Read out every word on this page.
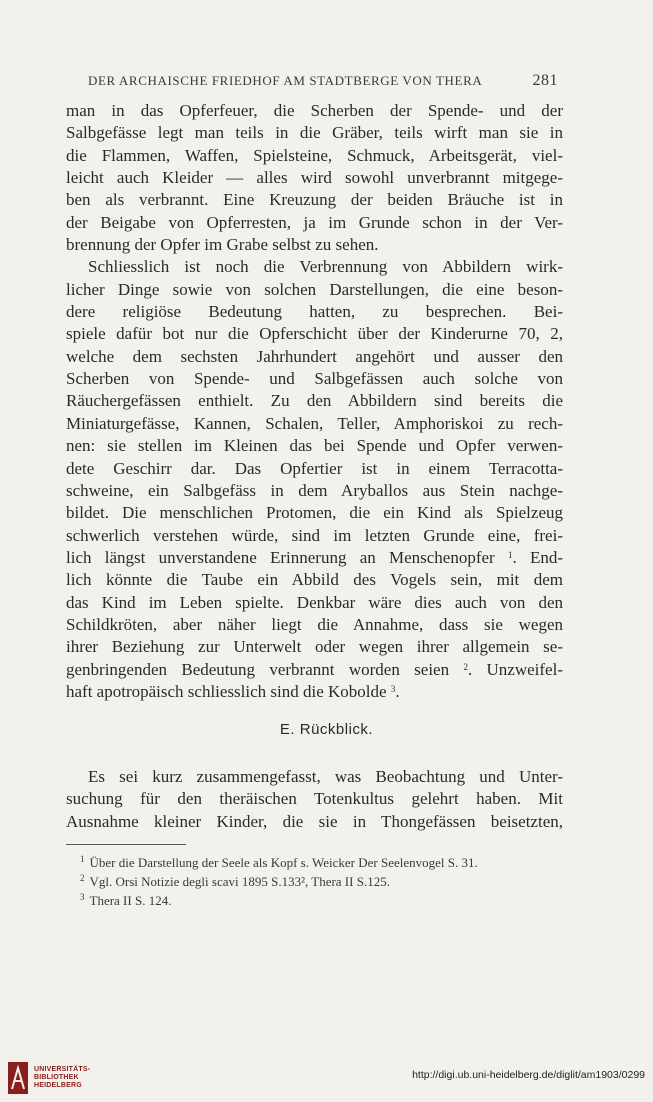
DER ARCHAISCHE FRIEDHOF AM STADTBERGE VON THERA	281
man in das Opferfeuer, die Scherben der Spende- und der
Salbgefässe legt man teils in die Gräber, teils wirft man sie in
die Flammen, Waffen, Spielsteine, Schmuck, Arbeitsgerät, viel-
leicht auch Kleider — alles wird sowohl unverbrannt mitgege-
ben als verbrannt. Eine Kreuzung der beiden Bräuche ist in
der Beigabe von Opferresten, ja im Grunde schon in der Ver-
brennung der Opfer im Grabe selbst zu sehen.
Schliesslich ist noch die Verbrennung von Abbildern wirk-
licher Dinge sowie von solchen Darstellungen, die eine beson-
dere religiöse Bedeutung hatten, zu besprechen. Bei-
spiele dafür bot nur die Opferschicht über der Kinderurne 70, 2,
welche dem sechsten Jahrhundert angehört und ausser den
Scherben von Spende- und Salbgefässen auch solche von
Räuchergefässen enthielt. Zu den Abbildern sind bereits die
Miniaturgefässe, Kannen, Schalen, Teller, Amphoriskoi zu rech-
nen: sie stellen im Kleinen das bei Spende und Opfer verwen-
dete Geschirr dar. Das Opfertier ist in einem Terracotta-
schweine, ein Salbgefäss in dem Aryballos aus Stein nachge-
bildet. Die menschlichen Protomen, die ein Kind als Spielzeug
schwerlich verstehen würde, sind im letzten Grunde eine, frei-
lich längst unverstandene Erinnerung an Menschenopfer $^1$. End-
lich könnte die Taube ein Abbild des Vogels sein, mit dem
das Kind im Leben spielte. Denkbar wäre dies auch von den
Schildkröten, aber näher liegt die Annahme, dass sie wegen
ihrer Beziehung zur Unterwelt oder wegen ihrer allgemein se-
genbringenden Bedeutung verbrannt worden seien $^2$. Unzweifel-
haft apotropäisch schliesslich sind die Kobolde $^3$.
E. Rückblick.
Es sei kurz zusammengefasst, was Beobachtung und Unter-
suchung für den theräischen Totenkultus gelehrt haben. Mit
Ausnahme kleiner Kinder, die sie in Thongefässen beisetzten,
$^1$ Über die Darstellung der Seele als Kopf s. Weicker Der Seelenvogel S. 31.
$^2$ Vgl. Orsi Notizie degli scavi 1895 S.133², Thera II S.125.
$^3$ Thera II S. 124.
UNIVERSITÄTS-
BIBLIOTHEK
HEIDELBERG
http://digi.ub.uni-heidelberg.de/diglit/am1903/0299
